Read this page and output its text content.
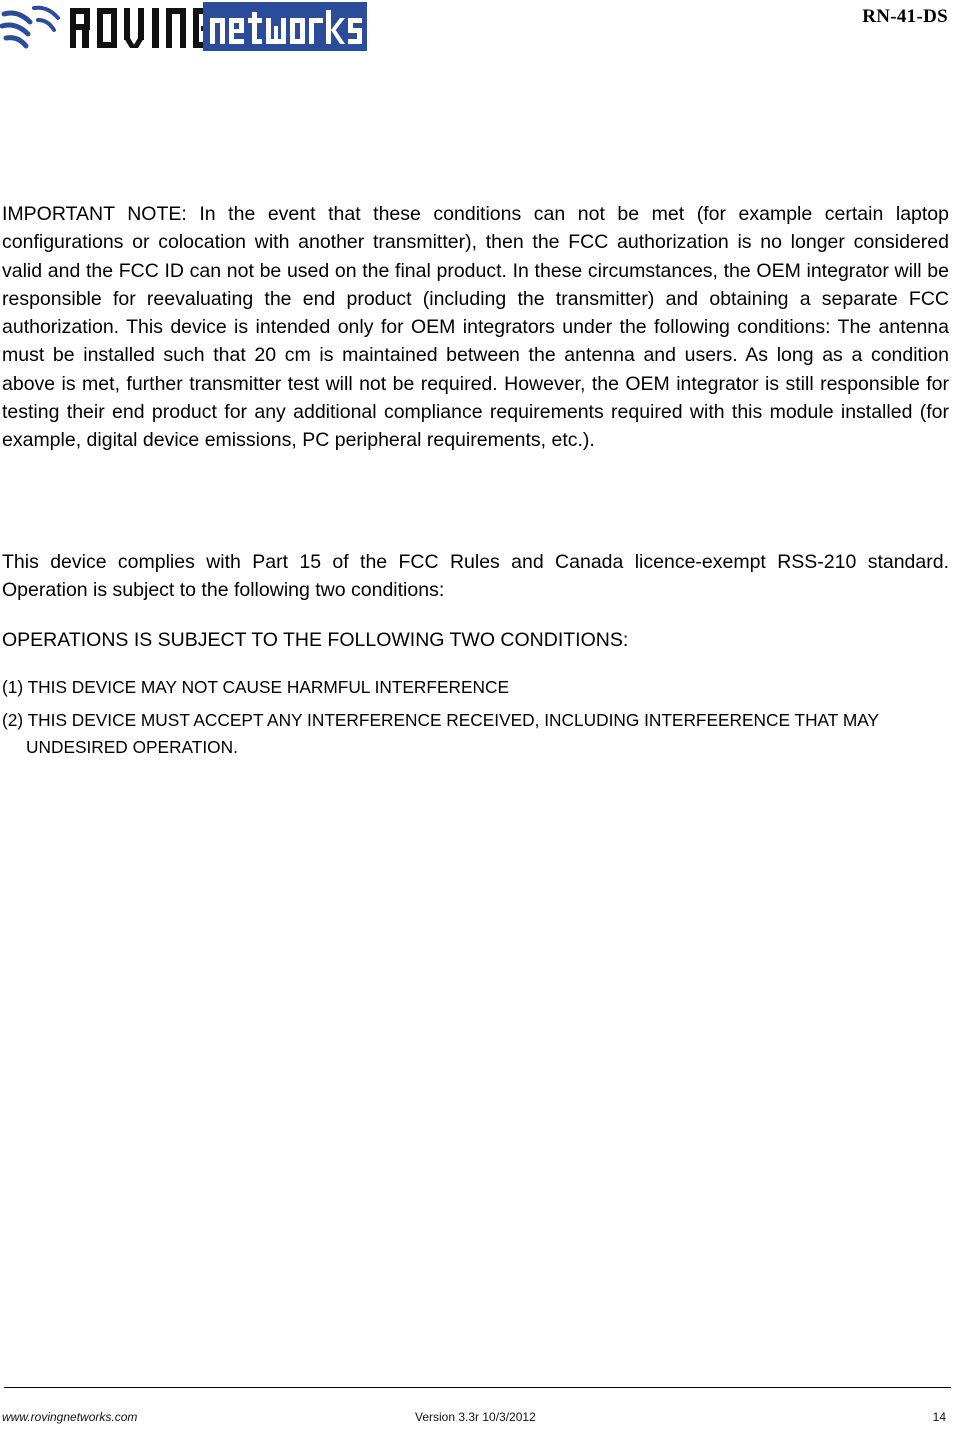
RN-41-DS

IMPORTANT NOTE: In the event that these conditions can not be met (for example certain laptop configurations or colocation with another transmitter), then the FCC authorization is no longer considered valid and the FCC ID can not be used on the final product. In these circumstances, the OEM integrator will be responsible for reevaluating the end product (including the transmitter) and obtaining a separate FCC authorization. This device is intended only for OEM integrators under the following conditions: The antenna must be installed such that 20 cm is maintained between the antenna and users. As long as a condition above is met, further transmitter test will not be required. However, the OEM integrator is still responsible for testing their end product for any additional compliance requirements required with this module installed (for example, digital device emissions, PC peripheral requirements, etc.).

This device complies with Part 15 of the FCC Rules and Canada licence-exempt RSS-210 standard. Operation is subject to the following two conditions:

OPERATIONS IS SUBJECT TO THE FOLLOWING TWO CONDITIONS:

(1) THIS DEVICE MAY NOT CAUSE HARMFUL INTERFERENCE

(2) THIS DEVICE MUST ACCEPT ANY INTERFERENCE RECEIVED, INCLUDING INTERFEERENCE THAT MAY UNDESIRED OPERATION.

www.rovingnetworks.com	Version 3.3r 10/3/2012	14
